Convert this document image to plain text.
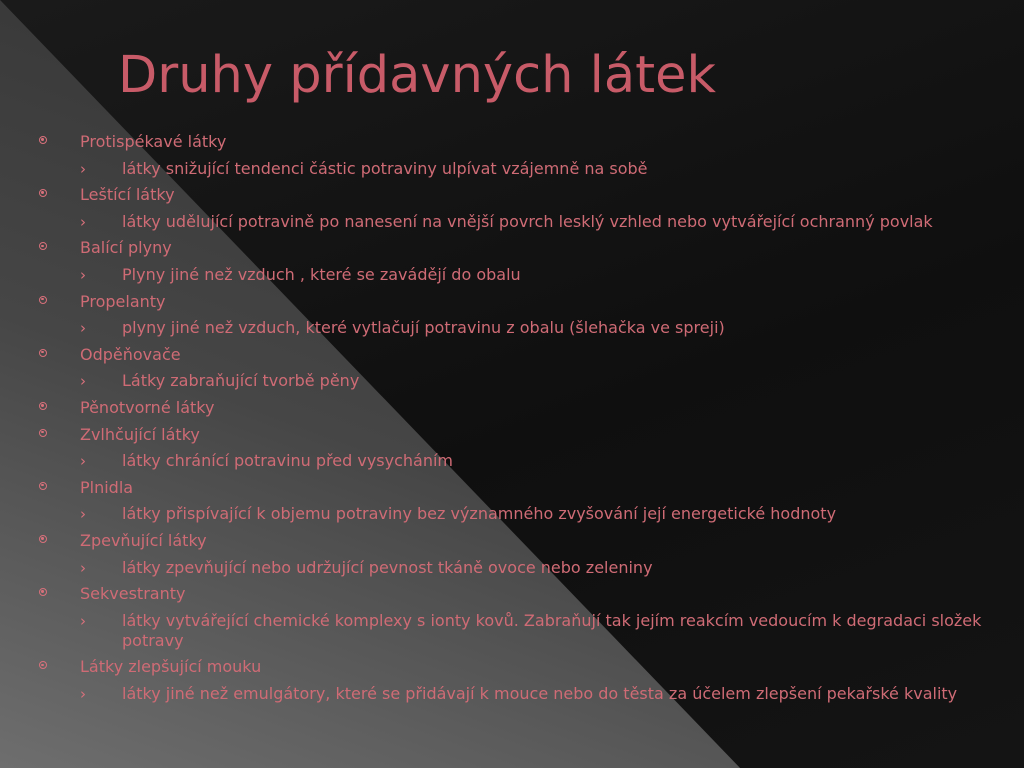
Druhy přídavných látek
Protispékavé látky
›	látky snižující tendenci částic potraviny ulpívat vzájemně na sobě
Leštící látky
›	látky udělující potravině po nanesení na vnější povrch lesklý vzhled nebo vytvářející ochranný povlak
Balící plyny
›	Plyny jiné než vzduch , které se zavádějí do obalu
Propelanty
›	plyny jiné než vzduch, které vytlačují potravinu z obalu (šlehačka ve spreji)
Odpěňovače
›	Látky zabraňující tvorbě pěny
Pěnotvorné látky
Zvlhčující látky
›	látky chránící potravinu před vysycháním
Plnidla
›	látky přispívající k objemu potraviny bez významného zvyšování její energetické hodnoty
Zpevňující látky
›	látky zpevňující nebo udržující pevnost tkáně ovoce nebo zeleniny
Sekvestranty
›	látky vytvářející chemické komplexy s ionty kovů. Zabraňují tak jejím reakcím vedoucím k degradaci složek potravy
Látky zlepšující mouku
›	látky jiné než emulgátory, které se přidávají k mouce nebo do těsta za účelem zlepšení pekařské kvality
